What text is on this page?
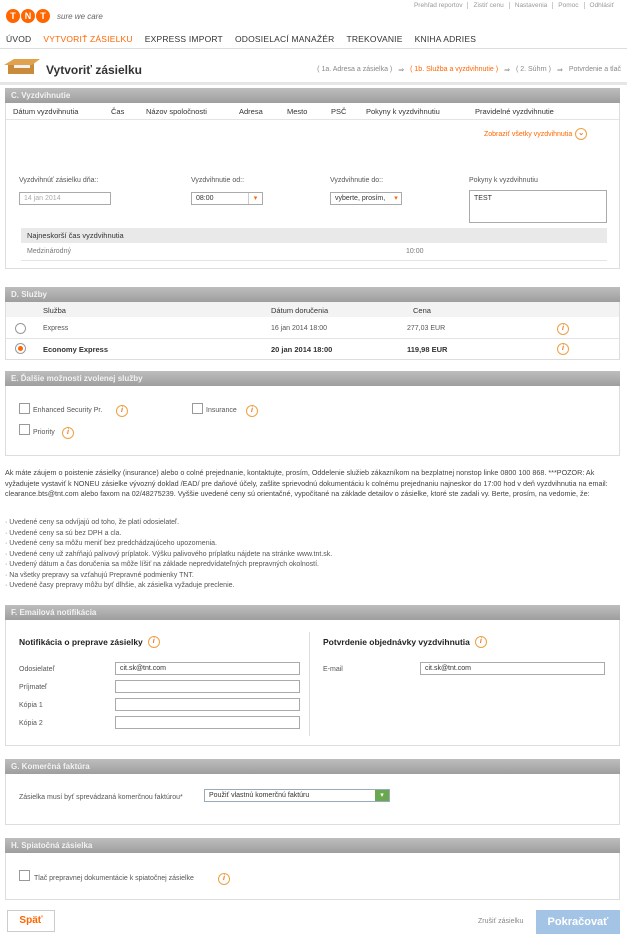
T	N	T	sure we care
Prehľad reportov	Zistiť cenu	Nastavenia	Pomoc	Odhlásiť
ÚVOD	VYTVORIŤ ZÁSIELKU	EXPRESS IMPORT	ODOSIELACÍ MANAŽÉR	TREKOVANIE	KNIHA ADRIES
Vytvoriť zásielku	( 1a. Adresa a zásielka ) ⇒ ( 1b. Služba a vyzdvihnutie ) ⇒ ( 2. Súhrn ) ⇒ Potvrdenie a tlač
C. Vyzdvihnutie
Dátum vyzdvihnutia	Čas	Názov spoločnosti	Adresa	Mesto	PSČ	Pokyny k vyzdvihnutiu	Pravidelné vyzdvihnutie
Zobraziť všetky vyzdvihnutia ⌄
Vyzdvihnúť zásielku dňa::
14 jan 2014
Vyzdvihnutie od::
08:00	▾
Vyzdvihnutie do::
vyberte, prosím,	▾
Pokyny k vyzdvihnutiu
TEST
Najneskorší čas vyzdvihnutia
Medzinárodný	10:00
D. Služby
Služba	Dátum doručenia	Cena
Express	16 jan 2014 18:00	277,03 EUR	i
Economy Express	20 jan 2014 18:00	119,98 EUR	i
E. Ďalšie možnosti zvolenej služby
Enhanced Security Pr.	i	Insurance	i
Priority	i
Ak máte záujem o poistenie zásielky (insurance) alebo o colné prejednanie, kontaktujte, prosím, Oddelenie služieb zákazníkom na bezplatnej nonstop linke 0800 100 868. ***POZOR: Ak vyžadujete vystaviť k NONEU zásielke vývozný doklad /EAD/ pre daňové účely, zašlite sprievodnú dokumentáciu k colnému prejednaniu najneskor do 17:00 hod v deň vyzdvihnutia na email: clearance.bts@tnt.com alebo faxom na 02/48275239. Vyššie uvedené ceny sú orientačné, vypočítané na základe detailov o zásielke, ktoré ste zadali vy. Berte, prosím, na vedomie, že:
· Uvedené ceny sa odvíjajú od toho, že platí odosielateľ.
· Uvedené ceny sa sú bez DPH a cla.
· Uvedené ceny sa môžu meniť bez predchádzajúceho upozornenia.
· Uvedené ceny už zahŕňajú palivový príplatok. Výšku palivového príplatku nájdete na stránke www.tnt.sk.
· Uvedený dátum a čas doručenia sa môže líšiť na základe nepredvídateľných prepravných okolností.
· Na všetky prepravy sa vzťahujú Prepravné podmienky TNT.
· Uvedené časy prepravy môžu byť dlhšie, ak zásielka vyžaduje preclenie.
F. Emailová notifikácia
Notifikácia o preprave zásielky	i	Potvrdenie objednávky vyzdvihnutia	i
Odosielateľ	cit.sk@tnt.com
Príjmateľ
Kópia 1
Kópia 2
E-mail	cit.sk@tnt.com
G. Komerčná faktúra
Zásielka musí byť sprevádzaná komerčnou faktúrou*	Použiť vlastnú komerčnú faktúru	▾
H. Spiatočná zásielka
Tlač prepravnej dokumentácie k spiatočnej zásielke	i
Späť	Zrušiť zásielku	Pokračovať
